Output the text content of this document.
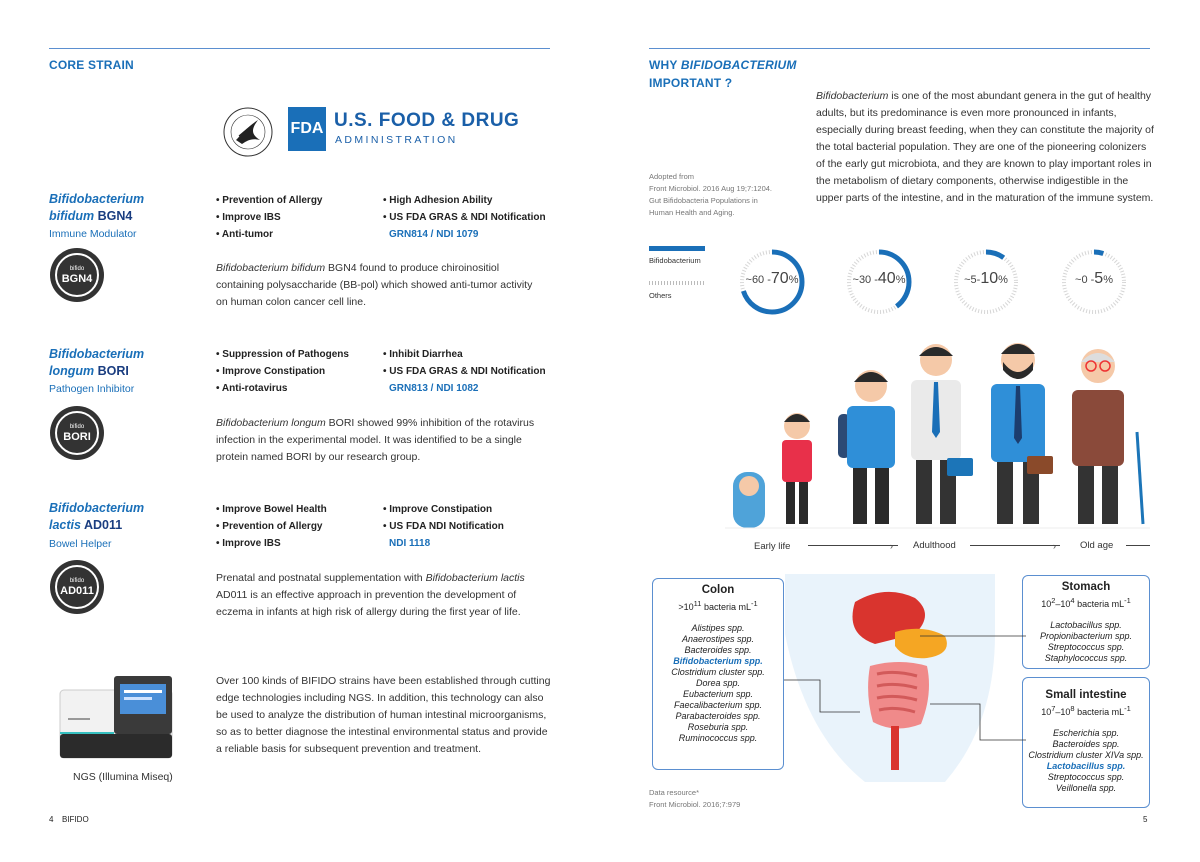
CORE STRAIN
FDA U.S. FOOD & DRUG
ADMINISTRATION
Bifidobacterium
bifidum BGN4
Immune Modulator
bifido
BGN4
• Prevention of Allergy
• Improve IBS
• Anti-tumor
• High Adhesion Ability
• US FDA GRAS & NDI Notification
GRN814 / NDI 1079
Bifidobacterium bifidum BGN4 found to produce chiroinositiol containing polysaccharide (BB-pol) which showed anti-tumor activity on human colon cancer cell line.
Bifidobacterium
longum BORI
Pathogen Inhibitor
bifido
BORI
• Suppression of Pathogens
• Improve Constipation
• Anti-rotavirus
• Inhibit Diarrhea
• US FDA GRAS & NDI Notification
GRN813 / NDI 1082
Bifidobacterium longum BORI showed 99% inhibition of the rotavirus infection in the experimental model. It was identified to be a single protein named BORI by our research group.
Bifidobacterium
lactis AD011
Bowel Helper
bifido
AD011
• Improve Bowel Health
• Prevention of Allergy
• Improve IBS
• Improve Constipation
• US FDA NDI Notification
NDI 1118
Prenatal and postnatal supplementation with Bifidobacterium lactis AD011 is an effective approach in prevention the development of eczema in infants at high risk of allergy during the first year of life.
NGS (Illumina Miseq)
Over 100 kinds of BIFIDO strains have been established through cutting edge technologies including NGS. In addition, this technology can also be used to analyze the distribution of human intestinal microorganisms, so as to better diagnose the intestinal environmental status and provide a reliable basis for subsequent prevention and treatment.
4 BIFIDO
WHY BIFIDOBACTERIUM
IMPORTANT ?
Adopted from
Front Microbiol. 2016 Aug 19;7:1204.
Gut Bifidobacteria Populations in
Human Health and Aging.
Bifidobacterium is one of the most abundant genera in the gut of healthy adults, but its predominance is even more pronounced in infants, especially during breast feeding, when they can constitute the majority of the total bacterial population. They are one of the pioneering colonizers of the early gut microbiota, and they are known to play important roles in the metabolism of dietary components, otherwise indigestible in the upper parts of the intestine, and in the maturation of the immune system.
Bifidobacterium
Others
~60 -70%	~30 -40%	~5-10%	~0 -5%
Early life	› Adulthood	›	Old age
Colon
$>10^{11}$ bacteria $mL^{-1}$
Alistipes spp.
Anaerostipes spp.
Bacteroides spp.
Bifidobacterium spp.
Clostridium cluster spp.
Dorea spp.
Eubacterium spp.
Faecalibacterium spp.
Parabacteroides spp.
Roseburia spp.
Ruminococcus spp.
Stomach
$10^2-10^4$ bacteria $mL^{-1}$
Lactobacillus spp.
Propionibacterium spp.
Streptococcus spp.
Staphylococcus spp.
Small intestine
$10^7-10^8$ bacteria $mL^{-1}$
Escherichia spp.
Bacteroides spp.
Clostridium cluster XIVa spp.
Lactobacillus spp.
Streptococcus spp.
Veillonella spp.
Data resource*
Front Microbiol. 2016;7:979
5
